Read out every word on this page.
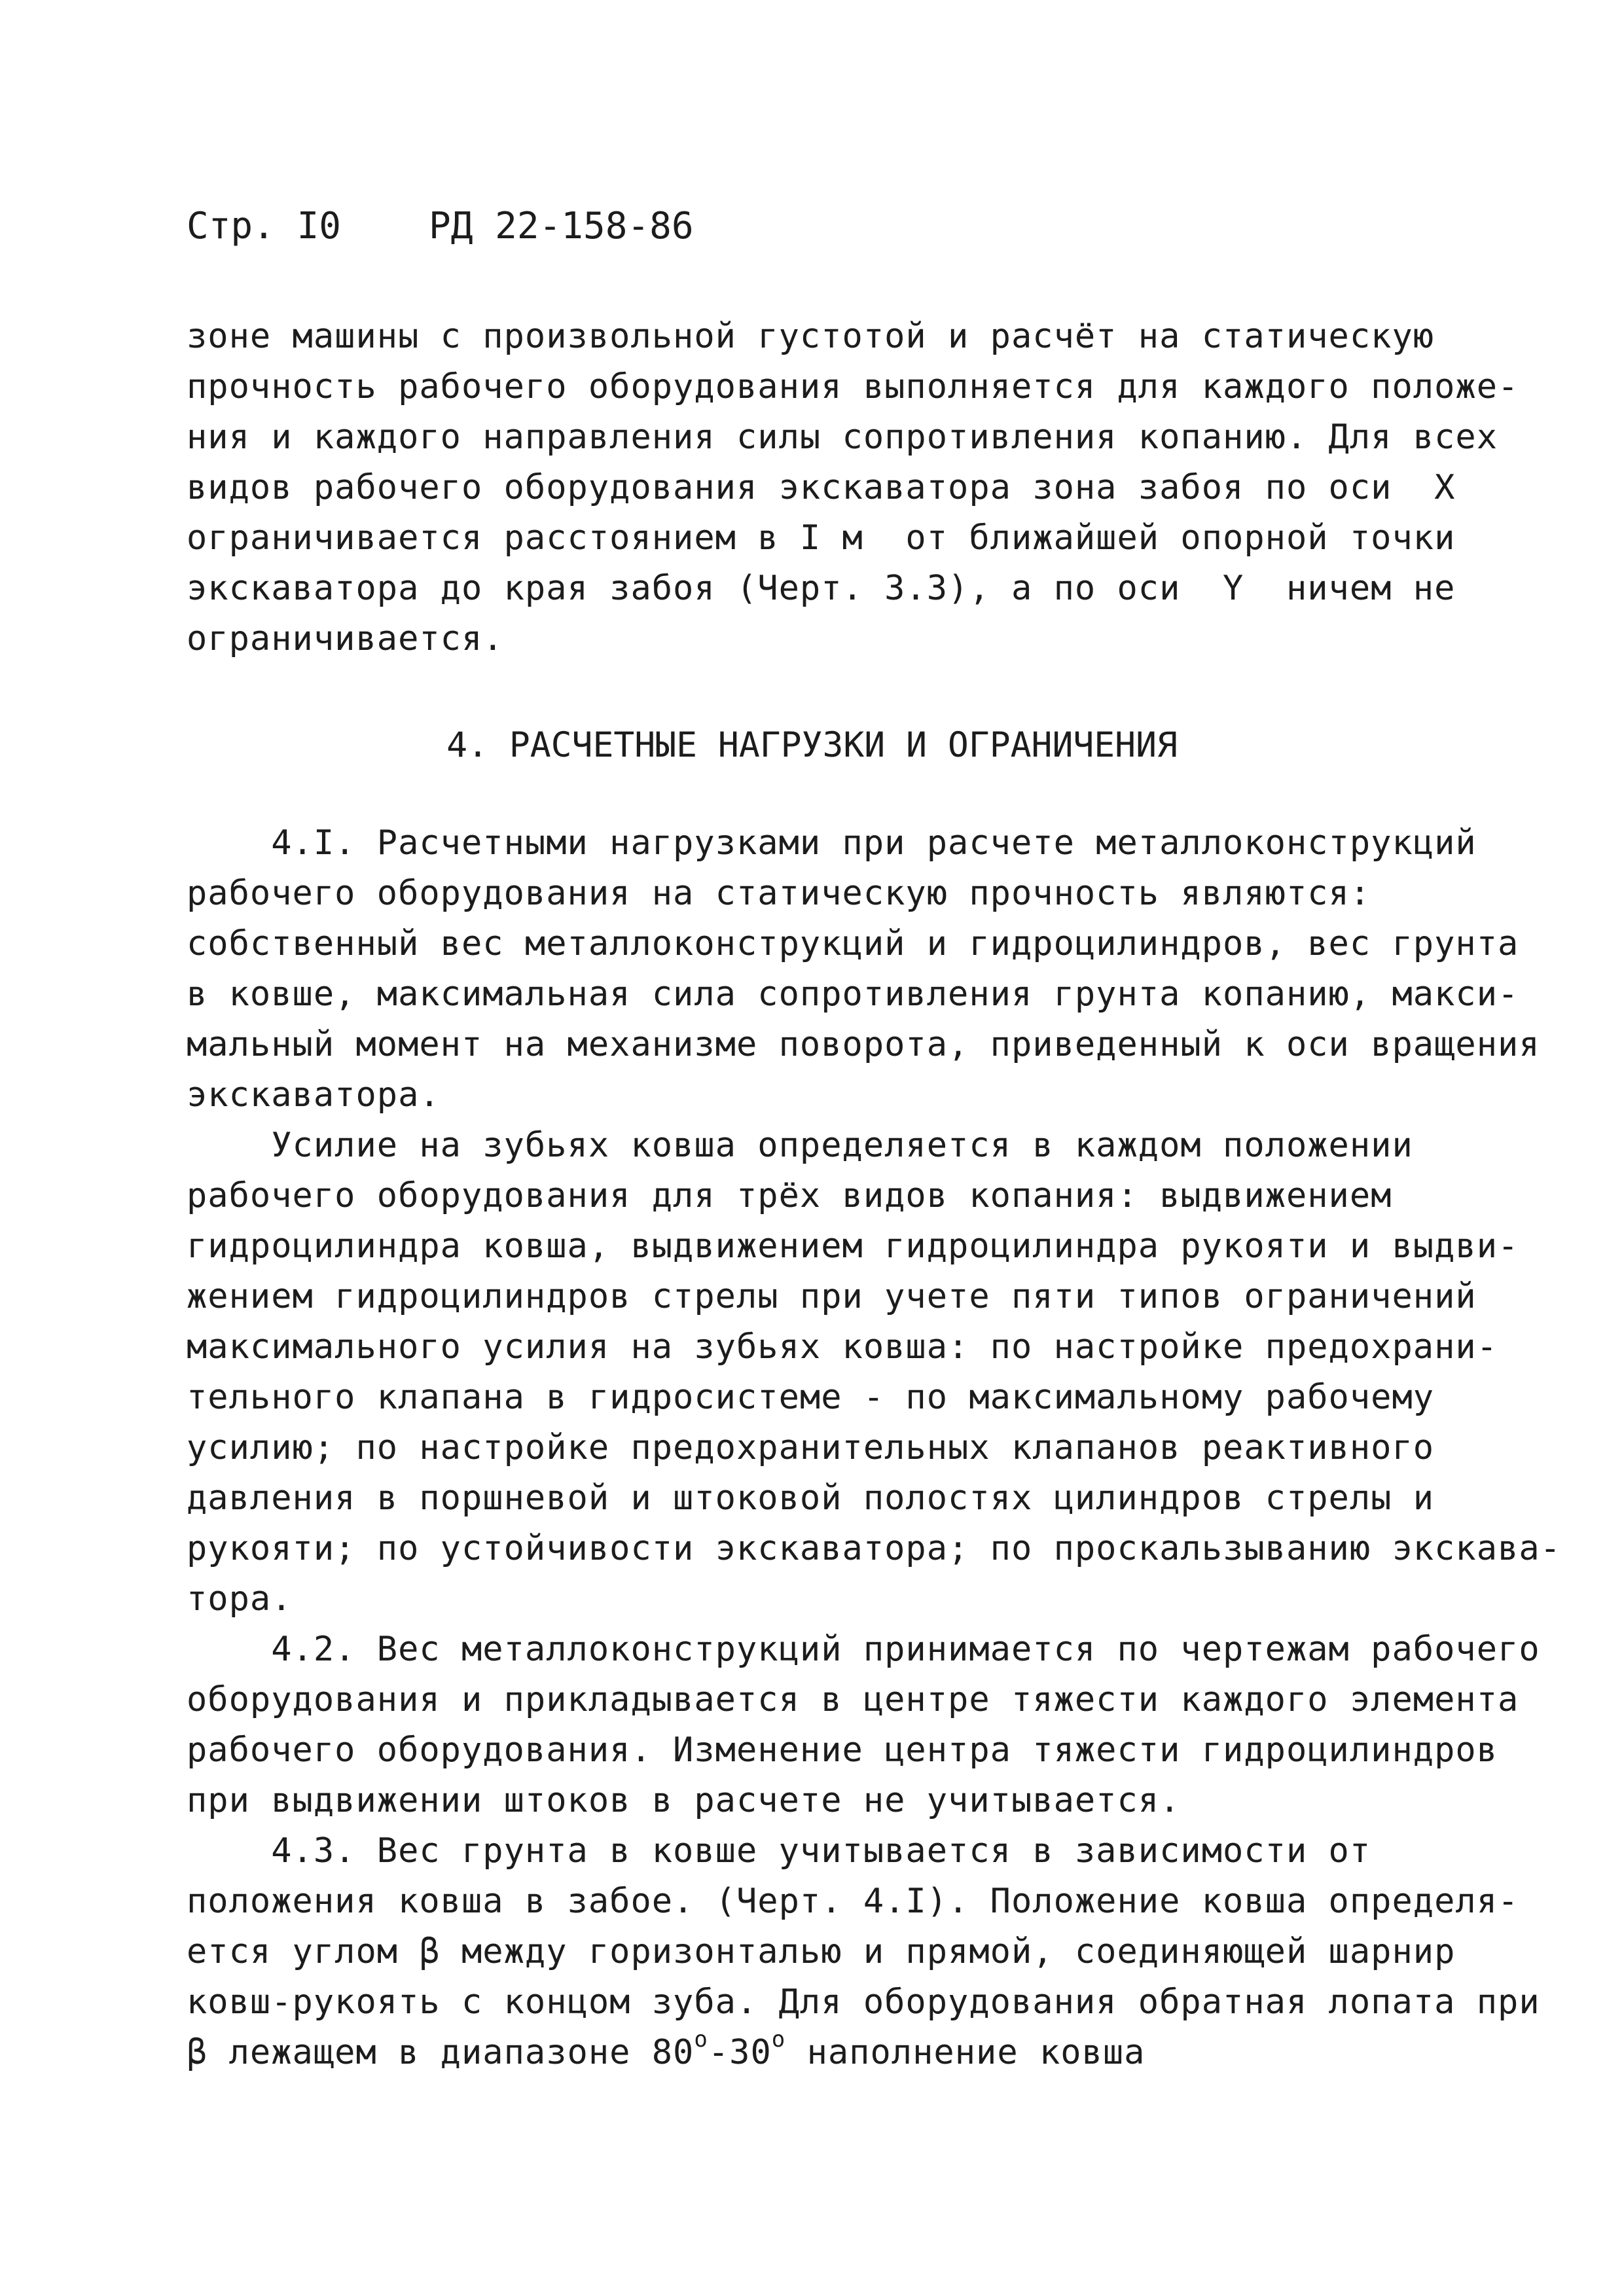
Стр. I0 РД 22-158-86
зоне машины с произвольной густотой и расчёт на статическую
прочность рабочего оборудования выполняется для каждого положе-
ния и каждого направления силы сопротивления копанию. Для всех
видов рабочего оборудования экскаватора зона забоя по оси  X
ограничивается расстоянием в I м  от ближайшей опорной точки
экскаватора до края забоя (Черт. 3.3), а по оси  Y  ничем не
ограничивается.
4. РАСЧЕТНЫЕ НАГРУЗКИ И ОГРАНИЧЕНИЯ
4.I. Расчетными нагрузками при расчете металлоконструкций
рабочего оборудования на статическую прочность являются:
собственный вес металлоконструкций и гидроцилиндров, вес грунта
в ковше, максимальная сила сопротивления грунта копанию, макси-
мальный момент на механизме поворота, приведенный к оси вращения
экскаватора.
Усилие на зубьях ковша определяется в каждом положении
рабочего оборудования для трёх видов копания: выдвижением
гидроцилиндра ковша, выдвижением гидроцилиндра рукояти и выдви-
жением гидроцилиндров стрелы при учете пяти типов ограничений
максимального усилия на зубьях ковша: по настройке предохрани-
тельного клапана в гидросистеме - по максимальному рабочему
усилию; по настройке предохранительных клапанов реактивного
давления в поршневой и штоковой полостях цилиндров стрелы и
рукояти; по устойчивости экскаватора; по проскальзыванию экскава-
тора.
4.2. Вес металлоконструкций принимается по чертежам рабочего
оборудования и прикладывается в центре тяжести каждого элемента
рабочего оборудования. Изменение центра тяжести гидроцилиндров
при выдвижении штоков в расчете не учитывается.
4.3. Вес грунта в ковше учитывается в зависимости от
положения ковша в забое. (Черт. 4.I). Положение ковша определя-
ется углом β между горизонталью и прямой, соединяющей шарнир
ковш-рукоять с концом зуба. Для оборудования обратная лопата при
β лежащем в диапазоне 80$^o$-30$^o$ наполнение ковша
